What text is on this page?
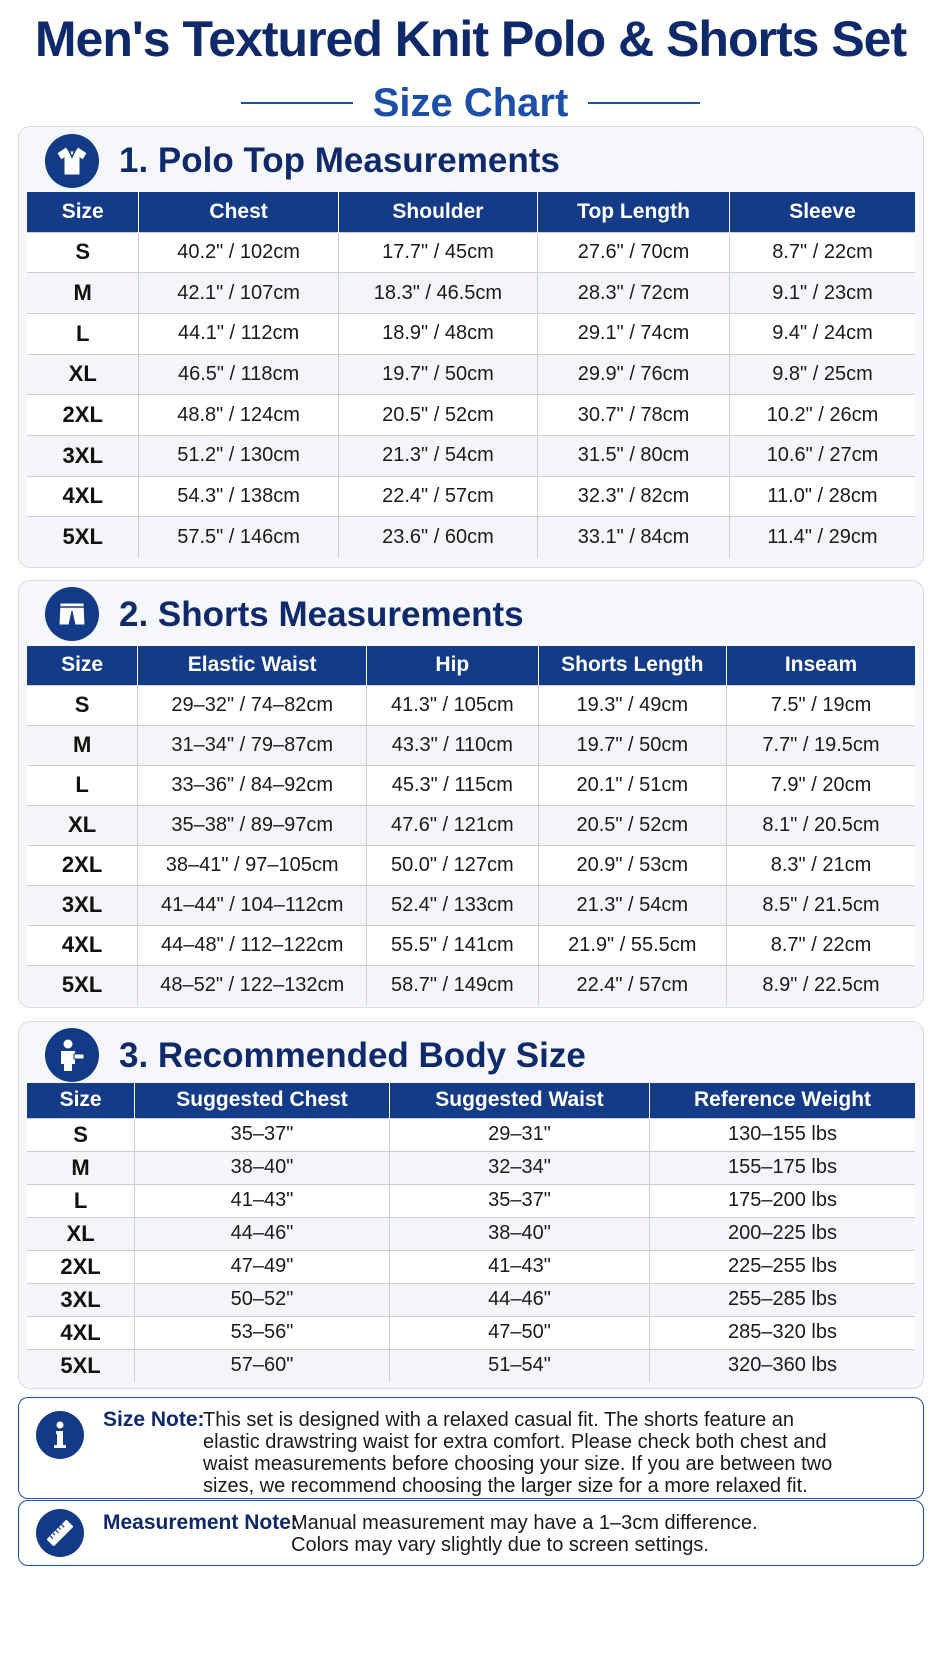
Men's Textured Knit Polo & Shorts Set
Size Chart
1. Polo Top Measurements
Size	Chest	Shoulder	Top Length	Sleeve
S	40.2" / 102cm	17.7" / 45cm	27.6" / 70cm	8.7" / 22cm
M	42.1" / 107cm	18.3" / 46.5cm	28.3" / 72cm	9.1" / 23cm
L	44.1" / 112cm	18.9" / 48cm	29.1" / 74cm	9.4" / 24cm
XL	46.5" / 118cm	19.7" / 50cm	29.9" / 76cm	9.8" / 25cm
2XL	48.8" / 124cm	20.5" / 52cm	30.7" / 78cm	10.2" / 26cm
3XL	51.2" / 130cm	21.3" / 54cm	31.5" / 80cm	10.6" / 27cm
4XL	54.3" / 138cm	22.4" / 57cm	32.3" / 82cm	11.0" / 28cm
5XL	57.5" / 146cm	23.6" / 60cm	33.1" / 84cm	11.4" / 29cm
2. Shorts Measurements
Size	Elastic Waist	Hip	Shorts Length	Inseam
S	29–32" / 74–82cm	41.3" / 105cm	19.3" / 49cm	7.5" / 19cm
M	31–34" / 79–87cm	43.3" / 110cm	19.7" / 50cm	7.7" / 19.5cm
L	33–36" / 84–92cm	45.3" / 115cm	20.1" / 51cm	7.9" / 20cm
XL	35–38" / 89–97cm	47.6" / 121cm	20.5" / 52cm	8.1" / 20.5cm
2XL	38–41" / 97–105cm	50.0" / 127cm	20.9" / 53cm	8.3" / 21cm
3XL	41–44" / 104–112cm	52.4" / 133cm	21.3" / 54cm	8.5" / 21.5cm
4XL	44–48" / 112–122cm	55.5" / 141cm	21.9" / 55.5cm	8.7" / 22cm
5XL	48–52" / 122–132cm	58.7" / 149cm	22.4" / 57cm	8.9" / 22.5cm
3. Recommended Body Size
Size	Suggested Chest	Suggested Waist	Reference Weight
S	35–37"	29–31"	130–155 lbs
M	38–40"	32–34"	155–175 lbs
L	41–43"	35–37"	175–200 lbs
XL	44–46"	38–40"	200–225 lbs
2XL	47–49"	41–43"	225–255 lbs
3XL	50–52"	44–46"	255–285 lbs
4XL	53–56"	47–50"	285–320 lbs
5XL	57–60"	51–54"	320–360 lbs
Size Note:
This set is designed with a relaxed casual fit. The shorts feature an elastic drawstring waist for extra comfort. Please check both chest and waist measurements before choosing your size. If you are between two sizes, we recommend choosing the larger size for a more relaxed fit.
Measurement Note:
Manual measurement may have a 1–3cm difference. Colors may vary slightly due to screen settings.
